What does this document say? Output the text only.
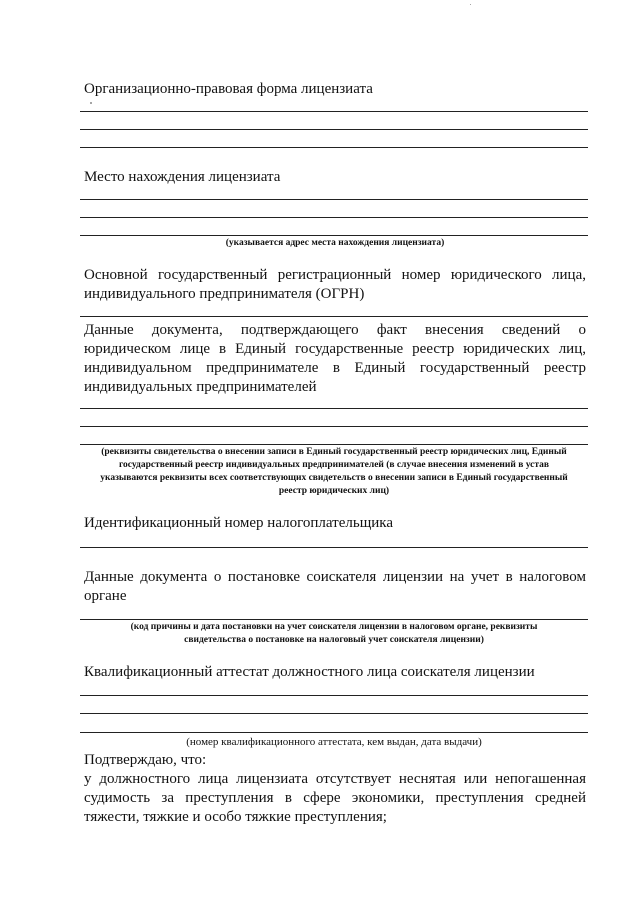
Организационно-правовая форма лицензиата
Место нахождения лицензиата
(указывается адрес места нахождения лицензиата)
Основной государственный регистрационный номер юридического лица,
индивидуального предпринимателя (ОГРН)
Данные документа, подтверждающего факт внесения сведений о
юридическом лице в Единый государственные реестр юридических лиц,
индивидуальном предпринимателе в Единый государственный реестр
индивидуальных предпринимателей
(реквизиты свидетельства о внесении записи в Единый государственный реестр юридических лиц, Единый
государственный реестр индивидуальных предпринимателей (в случае внесения изменений в устав
указываются реквизиты всех соответствующих свидетельств о внесении записи в Единый государственный
реестр юридических лиц)
Идентификационный номер налогоплательщика
Данные документа о постановке соискателя лицензии на учет в налоговом
органе
(код причины и дата постановки на учет соискателя лицензии в налоговом органе, реквизиты
свидетельства о постановке на налоговый учет соискателя лицензии)
Квалификационный аттестат должностного лица соискателя лицензии
(номер квалификационного аттестата, кем выдан, дата выдачи)
Подтверждаю, что:
у должностного лица лицензиата отсутствует неснятая или непогашенная
судимость за преступления в сфере экономики, преступления средней
тяжести, тяжкие и особо тяжкие преступления;
